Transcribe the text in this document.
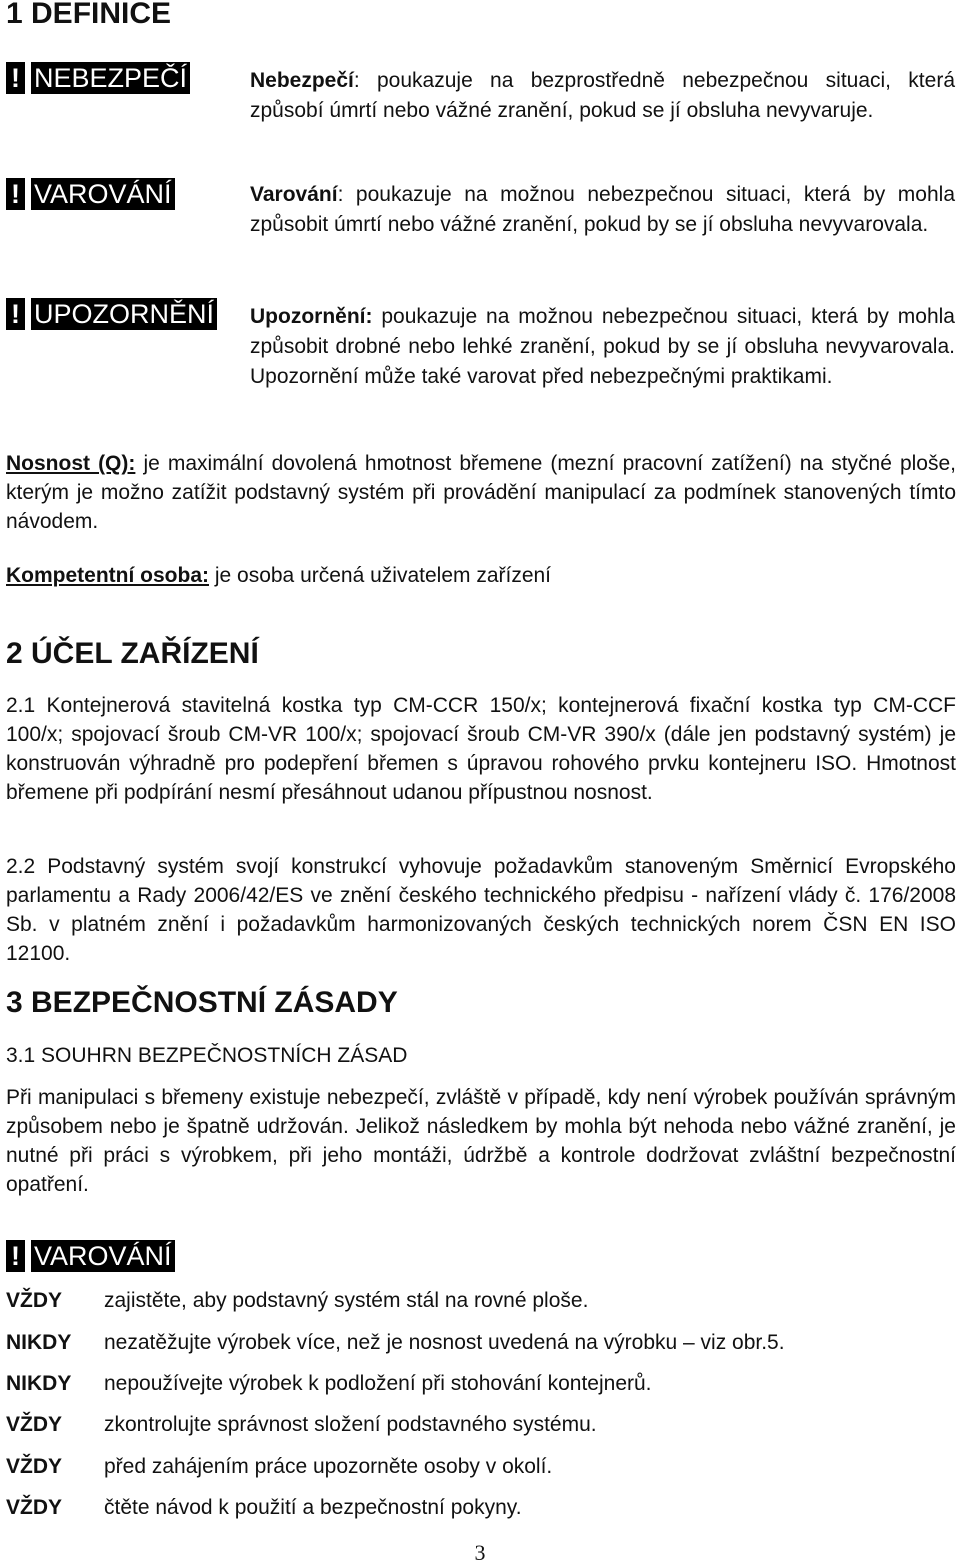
1 DEFINICE
! NEBEZPEČÍ	Nebezpečí: poukazuje na bezprostředně nebezpečnou situaci, která způsobí úmrtí nebo vážné zranění, pokud se jí obsluha nevyvaruje.

! VAROVÁNÍ	Varování: poukazuje na možnou nebezpečnou situaci, která by mohla způsobit úmrtí nebo vážné zranění, pokud by se jí obsluha nevyvarovala.

! UPOZORNĚNÍ Upozornění: poukazuje na možnou nebezpečnou situaci, která by mohla způsobit drobné nebo lehké zranění, pokud by se jí obsluha nevyvarovala. Upozornění může také varovat před nebezpečnými praktikami.

Nosnost (Q): je maximální dovolená hmotnost břemene (mezní pracovní zatížení) na styčné ploše, kterým je možno zatížit podstavný systém při provádění manipulací za podmínek stanovených tímto návodem.

Kompetentní osoba: je osoba určená uživatelem zařízení

2 ÚČEL ZAŘÍZENÍ

2.1 Kontejnerová stavitelná kostka typ CM-CCR 150/x; kontejnerová fixační kostka typ CM-CCF 100/x; spojovací šroub CM-VR 100/x; spojovací šroub CM-VR 390/x (dále jen podstavný systém) je konstruován výhradně pro podepření břemen s úpravou rohového prvku kontejneru ISO. Hmotnost břemene při podpírání nesmí přesáhnout udanou přípustnou nosnost.

2.2 Podstavný systém svojí konstrukcí vyhovuje požadavkům stanoveným Směrnicí Evropského parlamentu a Rady 2006/42/ES ve znění českého technického předpisu - nařízení vlády č. 176/2008 Sb. v platném znění i požadavkům harmonizovaných českých technických norem ČSN EN ISO 12100.

3 BEZPEČNOSTNÍ ZÁSADY

3.1 SOUHRN BEZPEČNOSTNÍCH ZÁSAD

Při manipulaci s břemeny existuje nebezpečí, zvláště v případě, kdy není výrobek používán správným způsobem nebo je špatně udržován. Jelikož následkem by mohla být nehoda nebo vážné zranění, je nutné při práci s výrobkem, při jeho montáži, údržbě a kontrole dodržovat zvláštní bezpečnostní opatření.

! VAROVÁNÍ
VŽDY zajistěte, aby podstavný systém stál na rovné ploše.
NIKDY nezatěžujte výrobek více, než je nosnost uvedená na výrobku – viz obr.5.
NIKDY nepoužívejte výrobek k podložení při stohování kontejnerů.
VŽDY zkontrolujte správnost složení podstavného systému.
VŽDY před zahájením práce upozorněte osoby v okolí.
VŽDY čtěte návod k použití a bezpečnostní pokyny.
3
